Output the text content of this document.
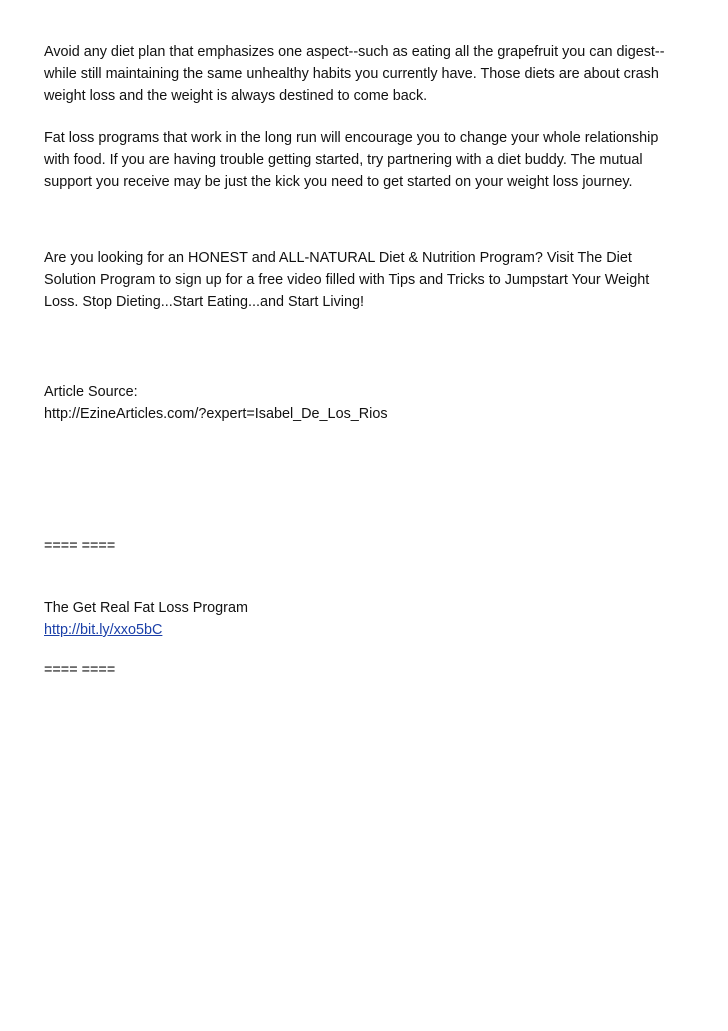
Avoid any diet plan that emphasizes one aspect--such as eating all the grapefruit you can digest--
while still maintaining the same unhealthy habits you currently have. Those diets are about crash
weight loss and the weight is always destined to come back.
Fat loss programs that work in the long run will encourage you to change your whole relationship
with food. If you are having trouble getting started, try partnering with a diet buddy. The mutual
support you receive may be just the kick you need to get started on your weight loss journey.
Are you looking for an HONEST and ALL-NATURAL Diet & Nutrition Program? Visit The Diet
Solution Program to sign up for a free video filled with Tips and Tricks to Jumpstart Your Weight
Loss. Stop Dieting...Start Eating...and Start Living!
Article Source:
http://EzineArticles.com/?expert=Isabel_De_Los_Rios
==== ====
The Get Real Fat Loss Program
http://bit.ly/xxo5bC
==== ====
